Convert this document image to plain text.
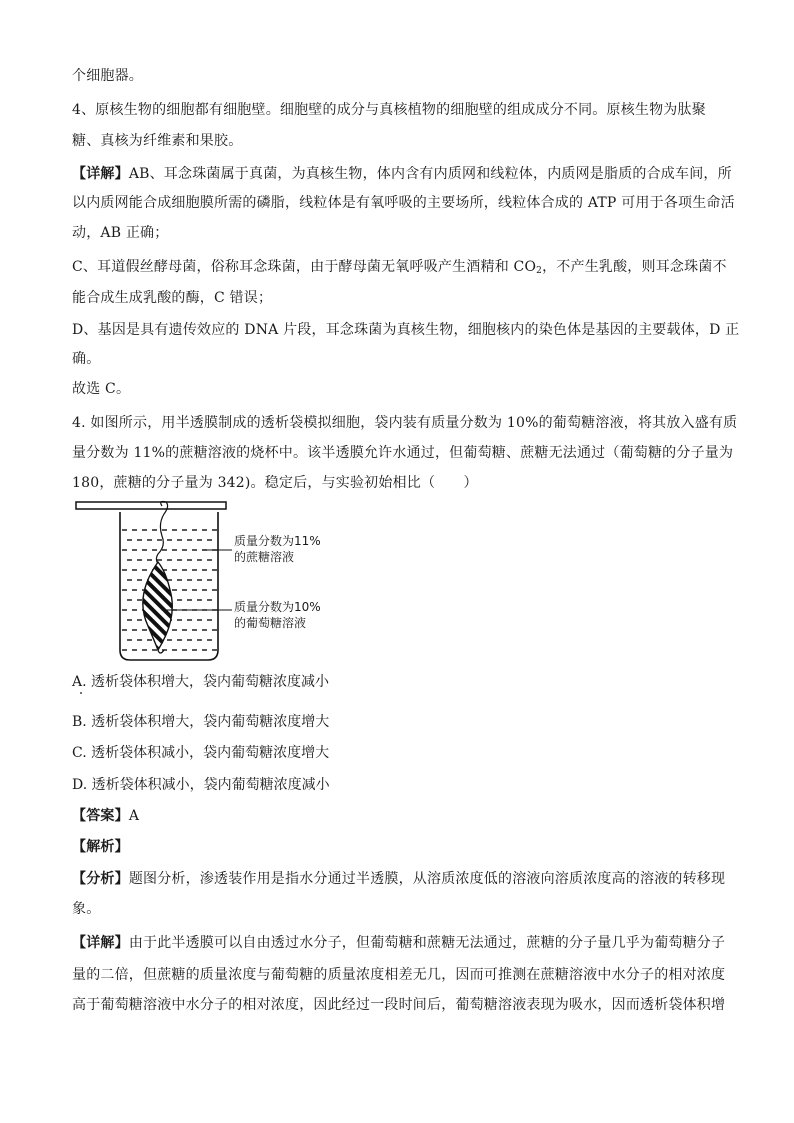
个细胞器。
4、原核生物的细胞都有细胞壁。细胞壁的成分与真核植物的细胞壁的组成成分不同。原核生物为肽聚
糖、真核为纤维素和果胶。
【详解】AB、耳念珠菌属于真菌，为真核生物，体内含有内质网和线粒体，内质网是脂质的合成车间，所
以内质网能合成细胞膜所需的磷脂，线粒体是有氧呼吸的主要场所，线粒体合成的 ATP 可用于各项生命活
动，AB 正确；
C、耳道假丝酵母菌，俗称耳念珠菌，由于酵母菌无氧呼吸产生酒精和 $CO_2$，不产生乳酸，则耳念珠菌不
能合成生成乳酸的酶，C 错误；
D、基因是具有遗传效应的 DNA 片段，耳念珠菌为真核生物，细胞核内的染色体是基因的主要载体，D 正
确。
故选 C。
4. 如图所示，用半透膜制成的透析袋模拟细胞，袋内装有质量分数为 10%的葡萄糖溶液，将其放入盛有质
量分数为 11%的蔗糖溶液的烧杯中。该半透膜允许水通过，但葡萄糖、蔗糖无法通过（葡萄糖的分子量为
180，蔗糖的分子量为 342)。稳定后，与实验初始相比（　　）
质量分数为11%
的蔗糖溶液
质量分数为10%
的葡萄糖溶液
A. 透析袋体积增大，袋内葡萄糖浓度减小
B. 透析袋体积增大，袋内葡萄糖浓度增大
C. 透析袋体积减小，袋内葡萄糖浓度增大
D. 透析袋体积减小，袋内葡萄糖浓度减小
【答案】A
【解析】
【分析】题图分析，渗透装作用是指水分通过半透膜，从溶质浓度低的溶液向溶质浓度高的溶液的转移现
象。
【详解】由于此半透膜可以自由透过水分子，但葡萄糖和蔗糖无法通过，蔗糖的分子量几乎为葡萄糖分子
量的二倍，但蔗糖的质量浓度与葡萄糖的质量浓度相差无几，因而可推测在蔗糖溶液中水分子的相对浓度
高于葡萄糖溶液中水分子的相对浓度，因此经过一段时间后，葡萄糖溶液表现为吸水，因而透析袋体积增
